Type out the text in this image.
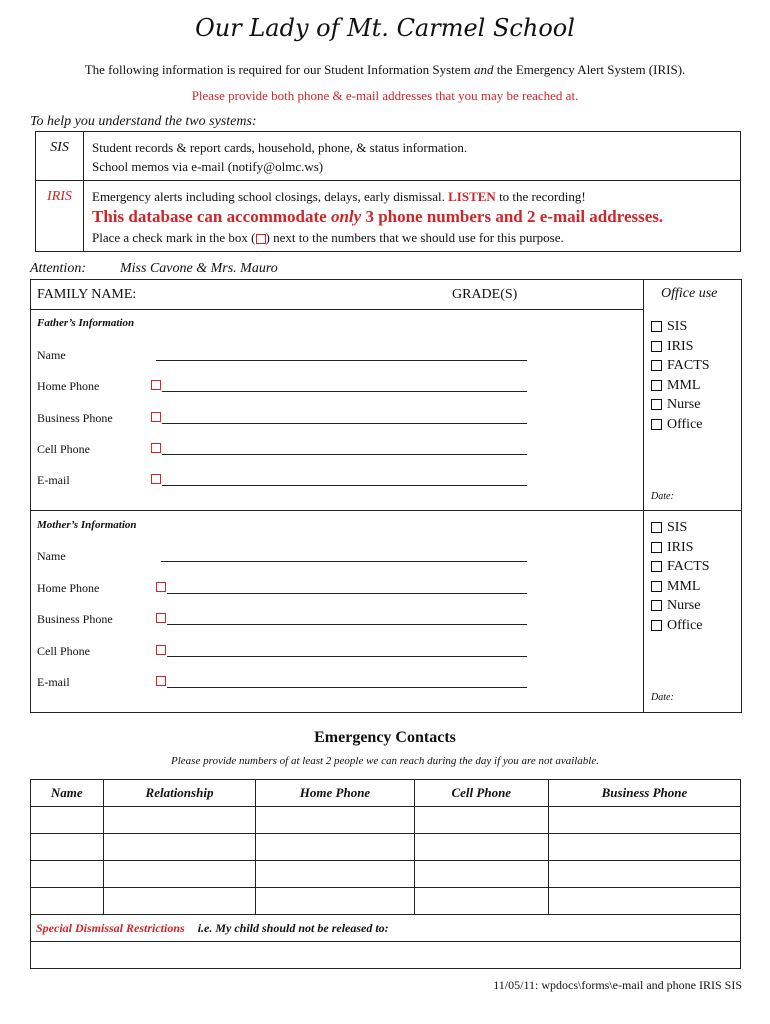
Our Lady of Mt. Carmel School
The following information is required for our Student Information System and the Emergency Alert System (IRIS).
Please provide both phone & e-mail addresses that you may be reached at.
To help you understand the two systems:
SIS	Student records & report cards, household, phone, & status information.
School memos via e-mail (notify@olmc.ws)

IRIS	Emergency alerts including school closings, delays, early dismissal. LISTEN to the recording!
This database can accommodate only 3 phone numbers and 2 e-mail addresses.
Place a check mark in the box ( ) next to the numbers that we should use for this purpose.
Attention: Miss Cavone & Mrs. Mauro
FAMILY NAME:	GRADE(S)	Office use
Father’s Information
Name
Home Phone
Business Phone
Cell Phone
E-mail
SIS
IRIS
FACTS
MML
Nurse
Office
Date:
Mother’s Information
Name
Home Phone
Business Phone
Cell Phone
E-mail
SIS
IRIS
FACTS
MML
Nurse
Office
Date:
Emergency Contacts
Please provide numbers of at least 2 people we can reach during the day if you are not available.
Name	Relationship	Home Phone	Cell Phone	Business Phone

Special Dismissal Restrictions i.e. My child should not be released to:				

11/05/11: wpdocs\forms\e-mail and phone IRIS SIS
